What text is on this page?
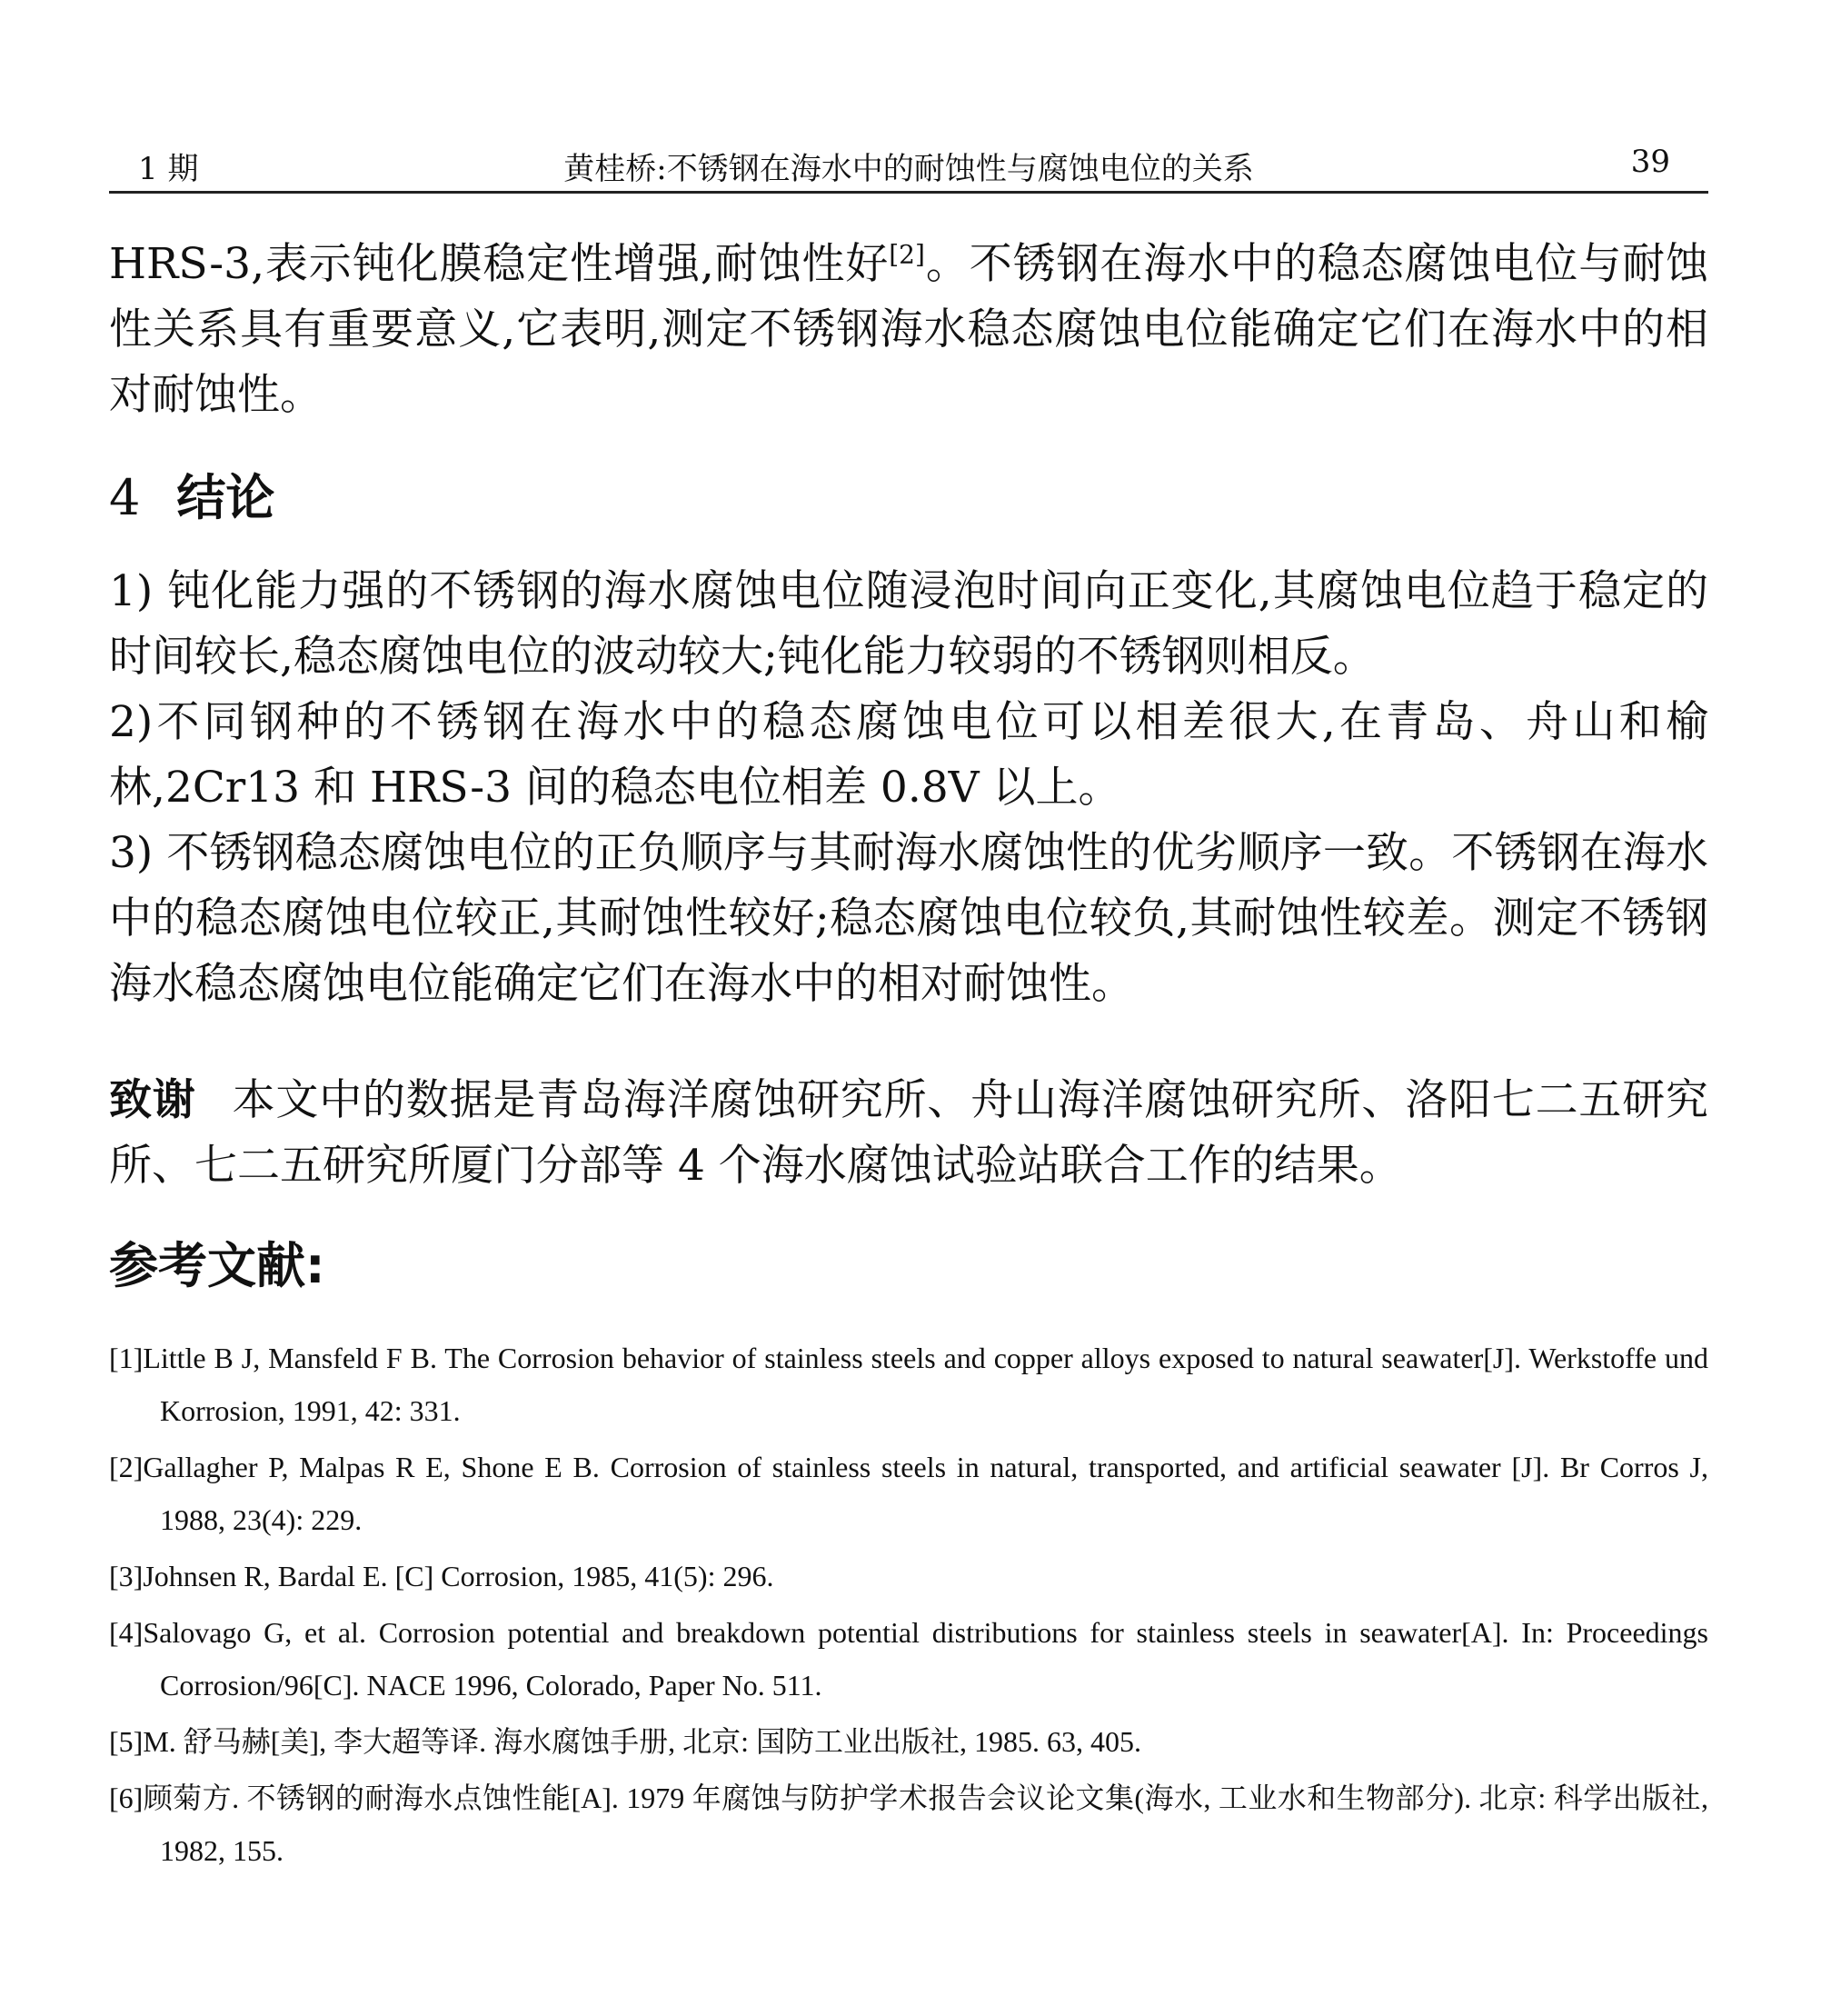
1 期	黄桂桥:不锈钢在海水中的耐蚀性与腐蚀电位的关系	39

HRS-3,表示钝化膜稳定性增强,耐蚀性好[2]。不锈钢在海水中的稳态腐蚀电位与耐蚀性关系具有重要意义,它表明,测定不锈钢海水稳态腐蚀电位能确定它们在海水中的相对耐蚀性。

4 结论

1) 钝化能力强的不锈钢的海水腐蚀电位随浸泡时间向正变化,其腐蚀电位趋于稳定的时间较长,稳态腐蚀电位的波动较大;钝化能力较弱的不锈钢则相反。

2)不同钢种的不锈钢在海水中的稳态腐蚀电位可以相差很大,在青岛、舟山和榆林,2Cr13 和 HRS-3 间的稳态电位相差 0.8V 以上。

3) 不锈钢稳态腐蚀电位的正负顺序与其耐海水腐蚀性的优劣顺序一致。不锈钢在海水中的稳态腐蚀电位较正,其耐蚀性较好;稳态腐蚀电位较负,其耐蚀性较差。测定不锈钢海水稳态腐蚀电位能确定它们在海水中的相对耐蚀性。

致谢 本文中的数据是青岛海洋腐蚀研究所、舟山海洋腐蚀研究所、洛阳七二五研究所、七二五研究所厦门分部等 4 个海水腐蚀试验站联合工作的结果。

参考文献:
[1]Little B J, Mansfeld F B. The Corrosion behavior of stainless steels and copper alloys exposed to natural seawater[J]. Werkstoffe und Korrosion, 1991, 42: 331.
[2]Gallagher P, Malpas R E, Shone E B. Corrosion of stainless steels in natural, transported, and artificial seawater [J]. Br Corros J, 1988, 23(4): 229.
[3]Johnsen R, Bardal E. [C] Corrosion, 1985, 41(5): 296.
[4]Salovago G, et al. Corrosion potential and breakdown potential distributions for stainless steels in seawater[A]. In: Proceedings Corrosion/96[C]. NACE 1996, Colorado, Paper No. 511.
[5]M. 舒马赫[美], 李大超等译. 海水腐蚀手册, 北京: 国防工业出版社, 1985. 63, 405.
[6]顾菊方. 不锈钢的耐海水点蚀性能[A]. 1979 年腐蚀与防护学术报告会议论文集(海水, 工业水和生物部分). 北京: 科学出版社, 1982, 155.
